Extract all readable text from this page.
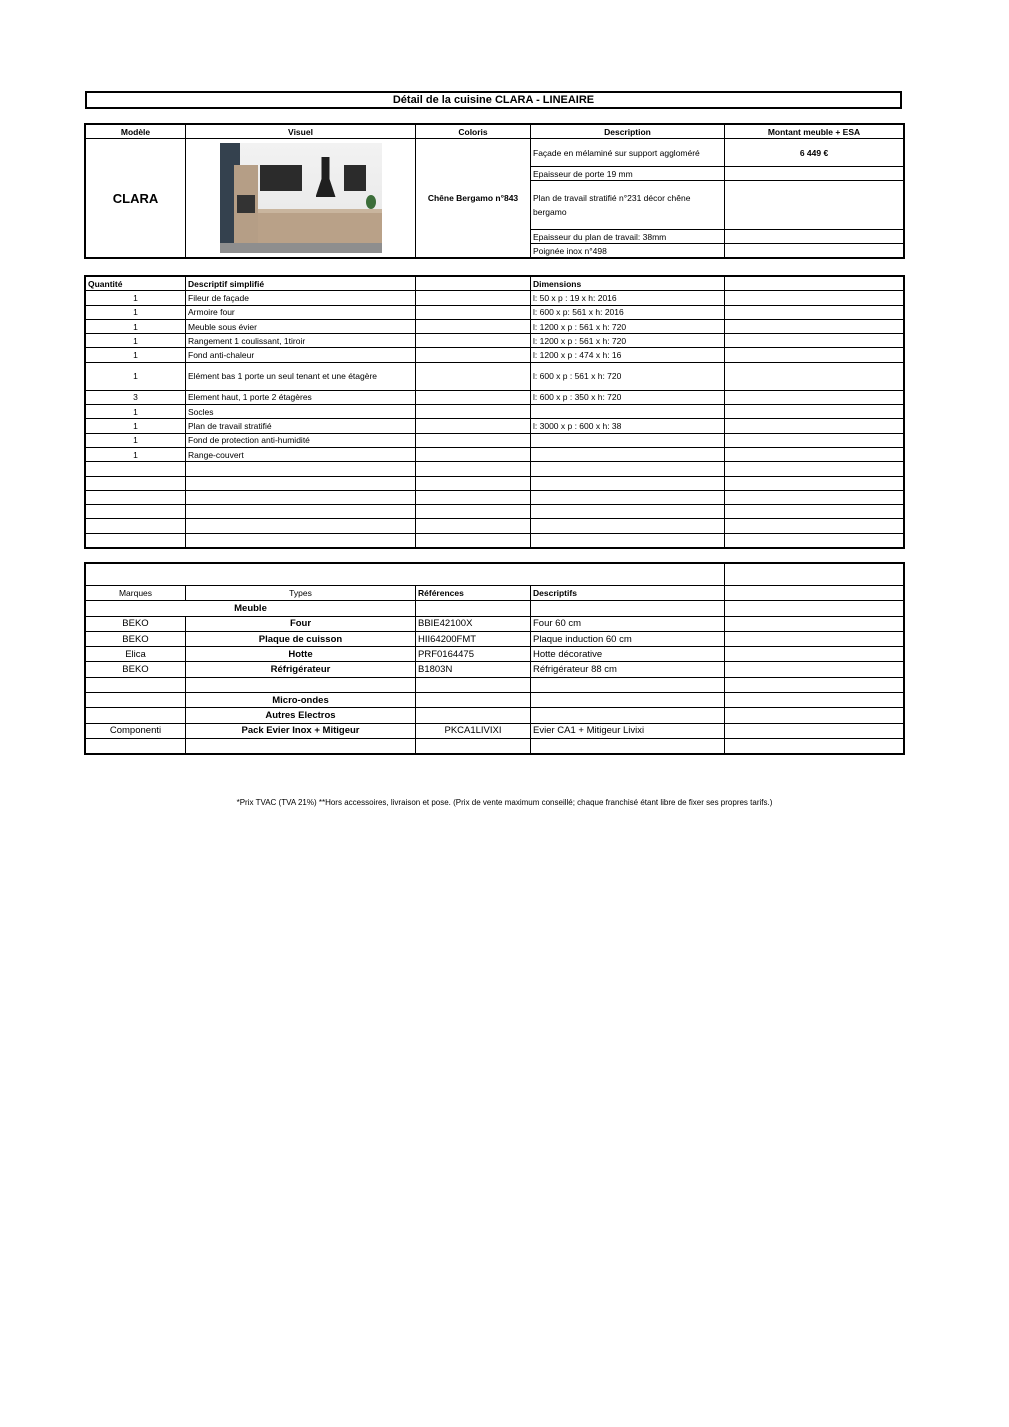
Détail de la cuisine CLARA - LINEAIRE
Modèle	Visuel	Coloris	Description	Montant meuble + ESA
CLARA		Chêne Bergamo n°843	Façade en mélaminé sur support aggloméré	6 449 €
			Epaisseur de porte 19 mm	
			Plan de travail stratifié n°231 décor chêne bergamo	
			Epaisseur du plan de travail: 38mm	
			Poignée inox n°498	
Quantité	Descriptif simplifié		Dimensions	
1	Fileur de façade		l: 50 x p : 19 x h: 2016	
1	Armoire four		l: 600 x p: 561 x h: 2016	
1	Meuble sous évier		l: 1200 x p : 561 x h: 720	
1	Rangement 1 coulissant, 1tiroir		l: 1200 x p : 561 x h: 720	
1	Fond anti-chaleur		l: 1200 x p : 474 x h: 16	
1	Elément bas 1 porte un seul tenant et une étagère		l: 600 x p : 561 x h: 720	
3	Element haut, 1 porte 2 étagères		l: 600 x p : 350 x h: 720	
1	Socles			
1	Plan de travail stratifié		l: 3000 x p : 600 x h: 38	
1	Fond de protection anti-humidité			
1	Range-couvert			

Marques	Types	Références	Descriptifs	
Meuble				
BEKO	Four	BBIE42100X	Four 60 cm	
BEKO	Plaque de cuisson	HII64200FMT	Plaque induction 60 cm	
Elica	Hotte	PRF0164475	Hotte décorative	
BEKO	Réfrigérateur	B1803N	Réfrigérateur 88 cm	

	Micro-ondes			
	Autres Electros			
Componenti	Pack Evier Inox + Mitigeur	PKCA1LIVIXI	Evier CA1 + Mitigeur Livixi	

*Prix TVAC (TVA 21%) **Hors accessoires, livraison et pose. (Prix de vente maximum conseillé; chaque franchisé étant libre de fixer ses propres tarifs.)
